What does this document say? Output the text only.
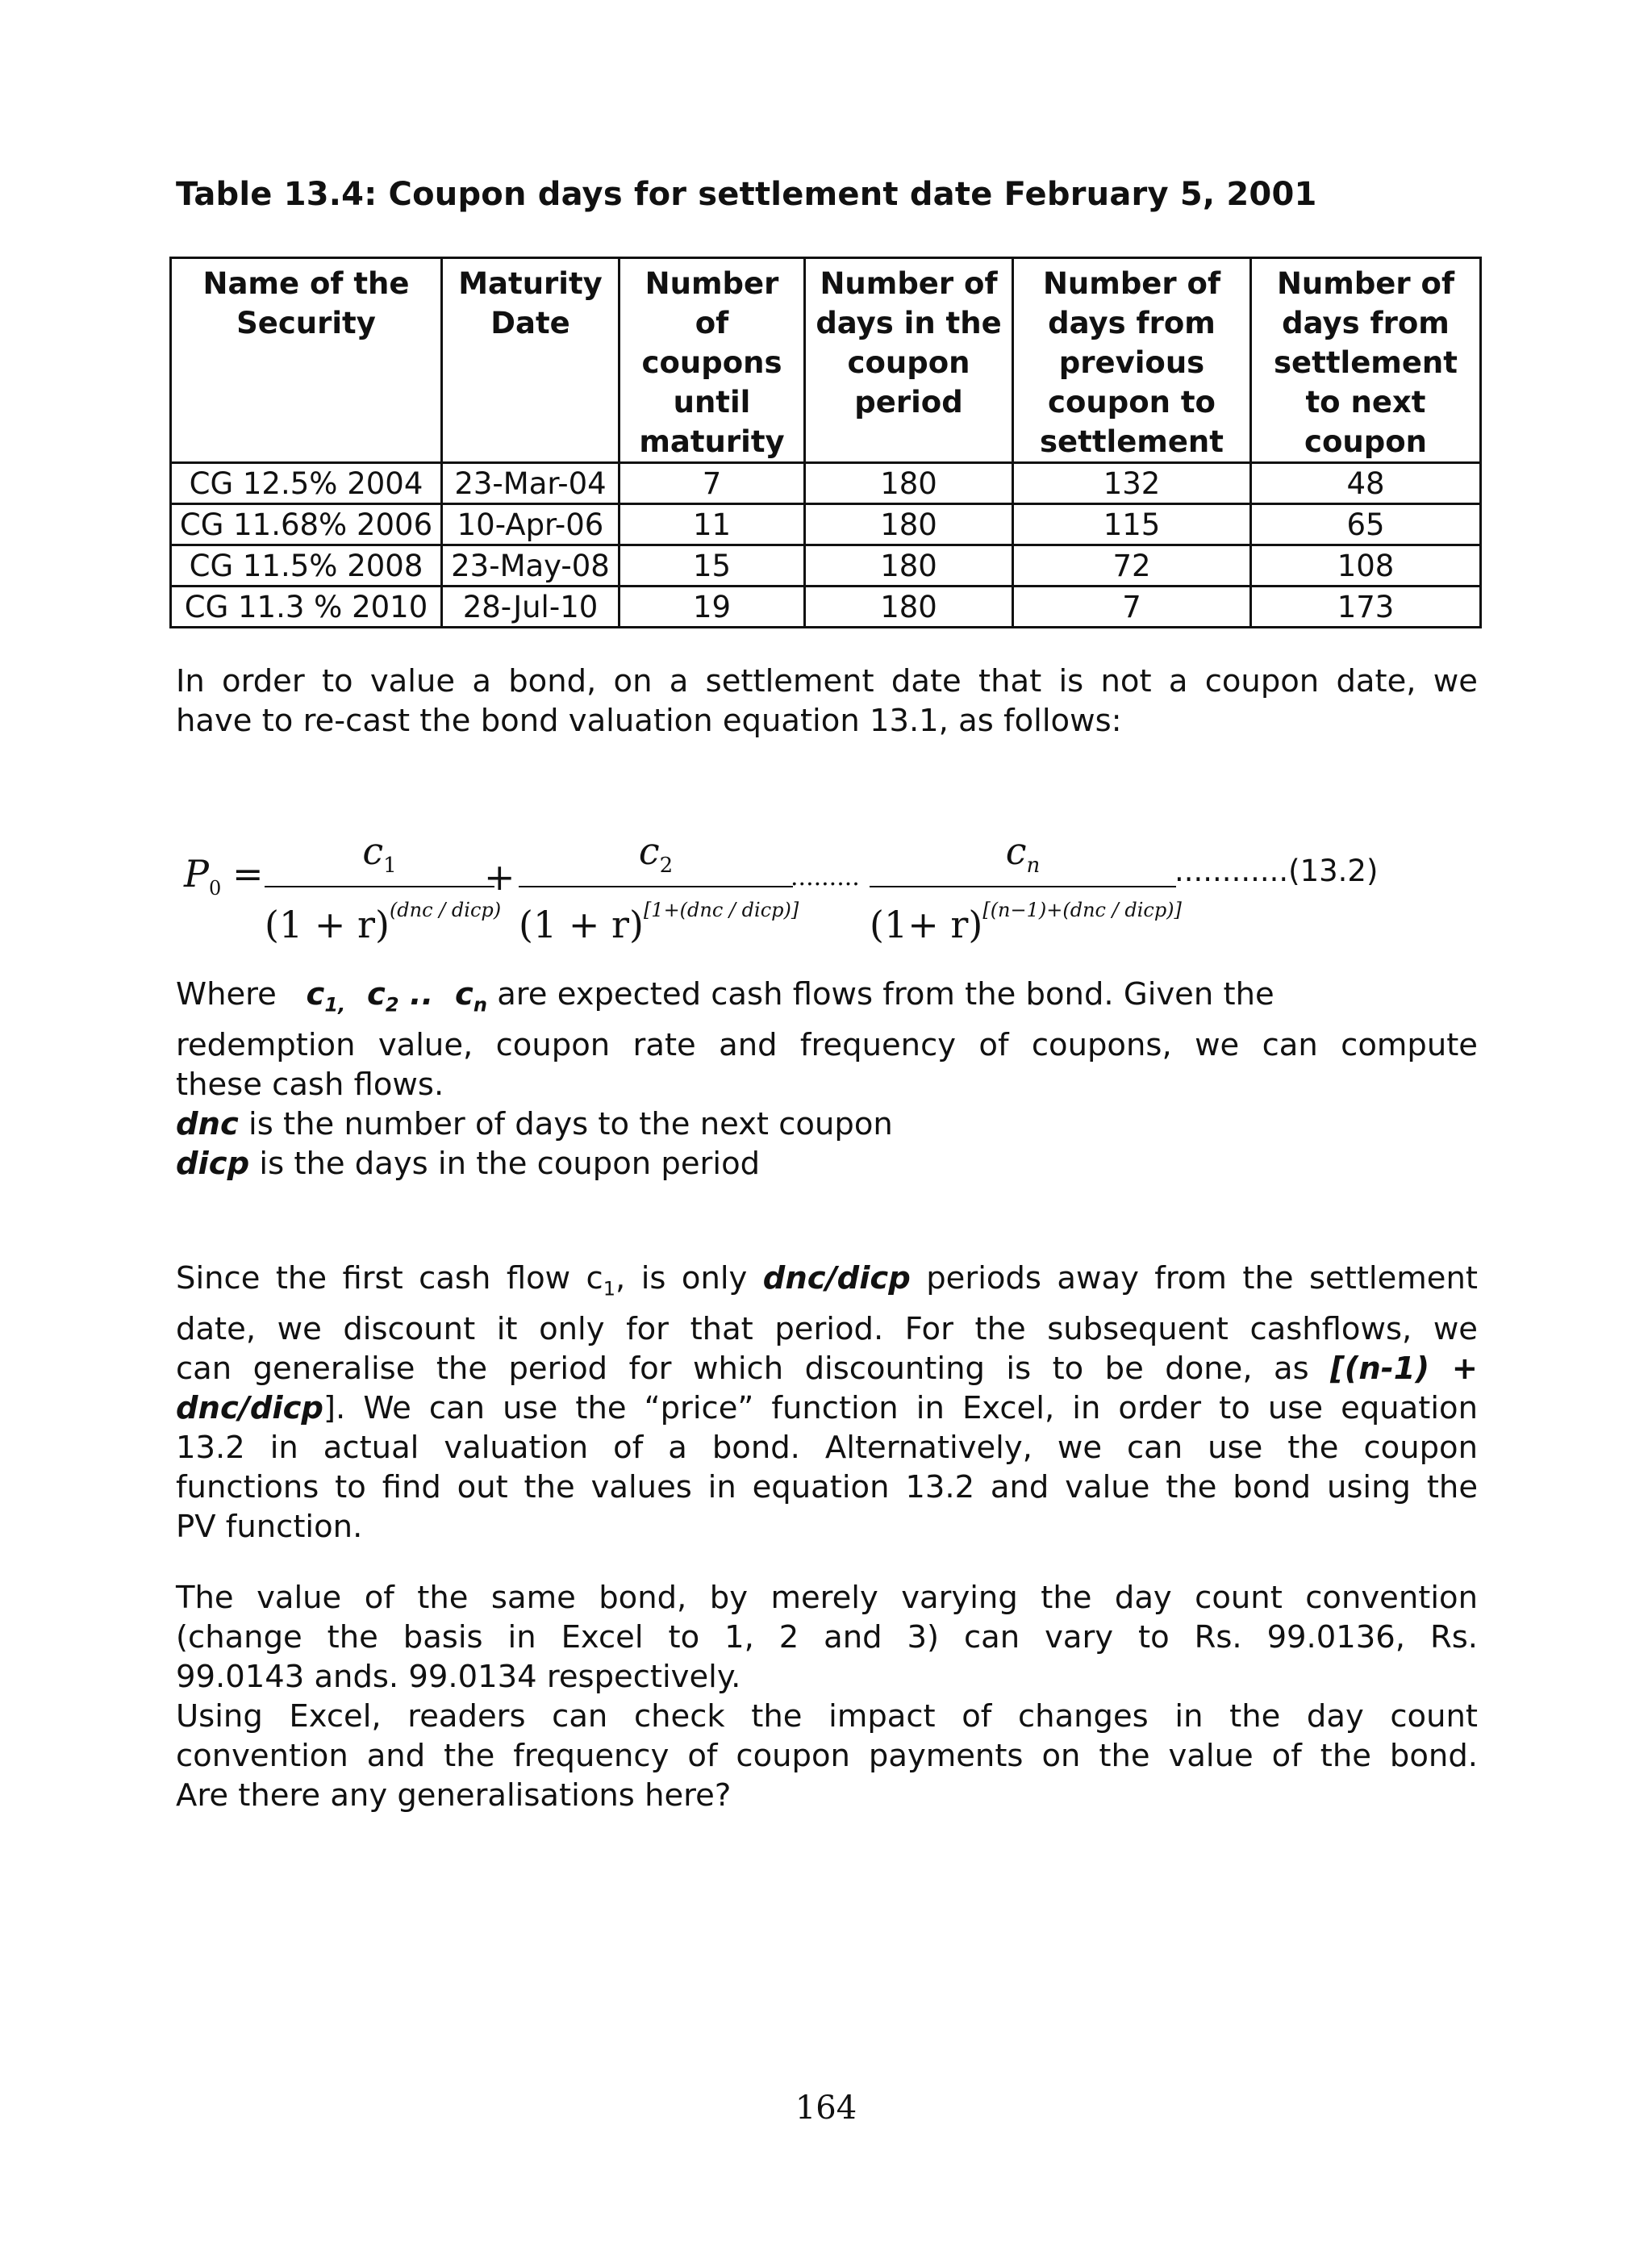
Table 13.4: Coupon days for settlement date February 5, 2001
Name of the Security	Maturity Date	Number of coupons until maturity	Number of days in the coupon period	Number of days from previous coupon to settlement	Number of days from settlement to next coupon
CG 12.5% 2004	23-Mar-04	7	180	132	48
CG 11.68% 2006	10-Apr-06	11	180	115	65
CG 11.5% 2008	23-May-08	15	180	72	108
CG 11.3 % 2010	28-Jul-10	19	180	7	173
In order to value a bond, on a settlement date that is not a coupon date, we
have to re-cast the bond valuation equation 13.1, as follows:
$P_0$ =
$c_1$
$(1 + r)^{(dnc / dicp)}$
+
$c_2$
(1 + r)[1+(dnc / dicp)]
.........
$c_n$
(1+ r)[(n−1)+(dnc / dicp)]
............(13.2)
Where $c_{1,}$ $c_2$ .. $c_n$ are expected cash flows from the bond. Given the
redemption value, coupon rate and frequency of coupons, we can compute
these cash flows.
dnc is the number of days to the next coupon
dicp is the days in the coupon period
Since the first cash flow $c_1$, is only dnc/dicp periods away from the settlement
date, we discount it only for that period. For the subsequent cashflows, we
can generalise the period for which discounting is to be done, as [(n-1) +
dnc/dicp]. We can use the “price” function in Excel, in order to use equation
13.2 in actual valuation of a bond. Alternatively, we can use the coupon
functions to find out the values in equation 13.2 and value the bond using the
PV function.
The value of the same bond, by merely varying the day count convention
(change the basis in Excel to 1, 2 and 3) can vary to Rs. 99.0136, Rs.
99.0143 ands. 99.0134 respectively.
Using Excel, readers can check the impact of changes in the day count
convention and the frequency of coupon payments on the value of the bond.
Are there any generalisations here?
164
